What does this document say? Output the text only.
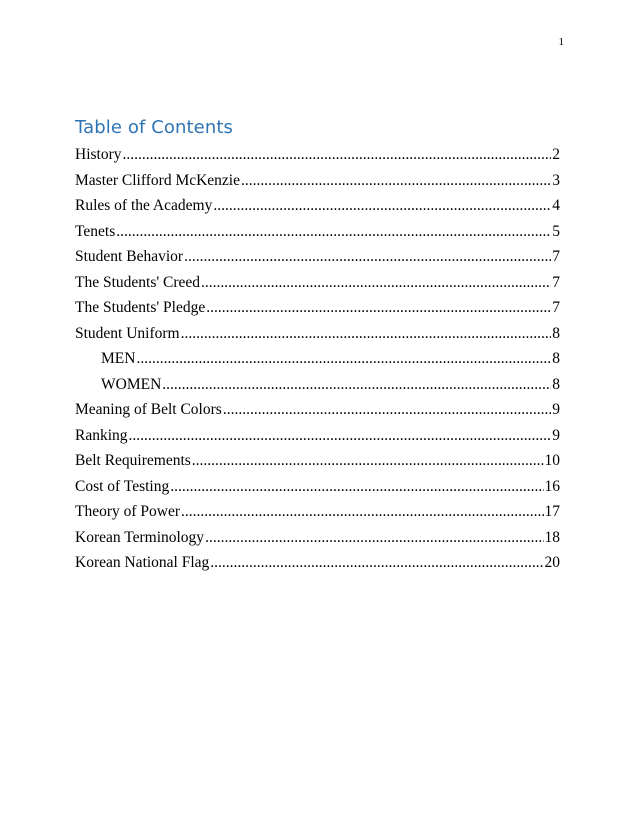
1
Table of Contents
History .....	2
Master Clifford McKenzie .....	3
Rules of the Academy .....	4
Tenets .....	5
Student Behavior .....	7
The Students' Creed .....	7
The Students' Pledge .....	7
Student Uniform .....	8
MEN .....	8
WOMEN .....	8
Meaning of Belt Colors .....	9
Ranking .....	9
Belt Requirements .....	10
Cost of Testing .....	16
Theory of Power .....	17
Korean Terminology .....	18
Korean National Flag .....	20
